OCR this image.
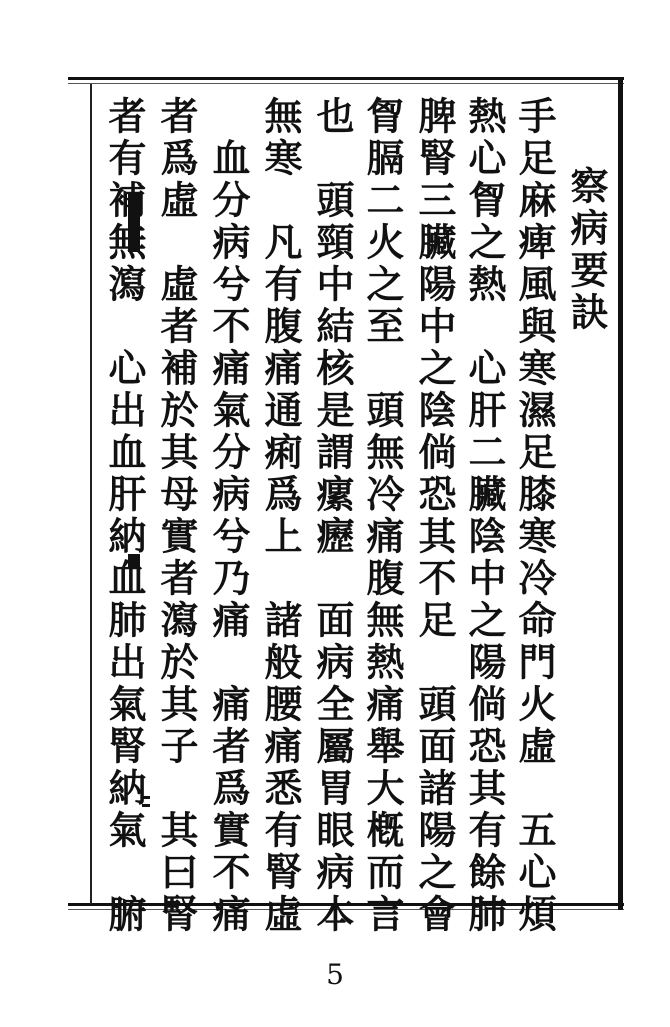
察病要訣
手足麻痺風與寒濕足膝寒冷命門火虛　五心煩
熱心胷之熱　心肝二臟陰中之陽倘恐其有餘肺
脾腎三臟陽中之陰倘恐其不足　頭面諸陽之會
胷膈二火之至　頭無冷痛腹無熱痛舉大槪而言
也　頭頸中結核是謂瘰癧　面病全屬胃眼病本
無寒　凡有腹痛通痢爲上　諸般腰痛悉有腎虛
　血分病兮不痛氣分病兮乃痛　痛者爲實不痛
者爲虛　虛者補於其母實者瀉於其子　其曰腎
者有補無瀉　心出血肝納血肺出氣腎納氣　腑
5
